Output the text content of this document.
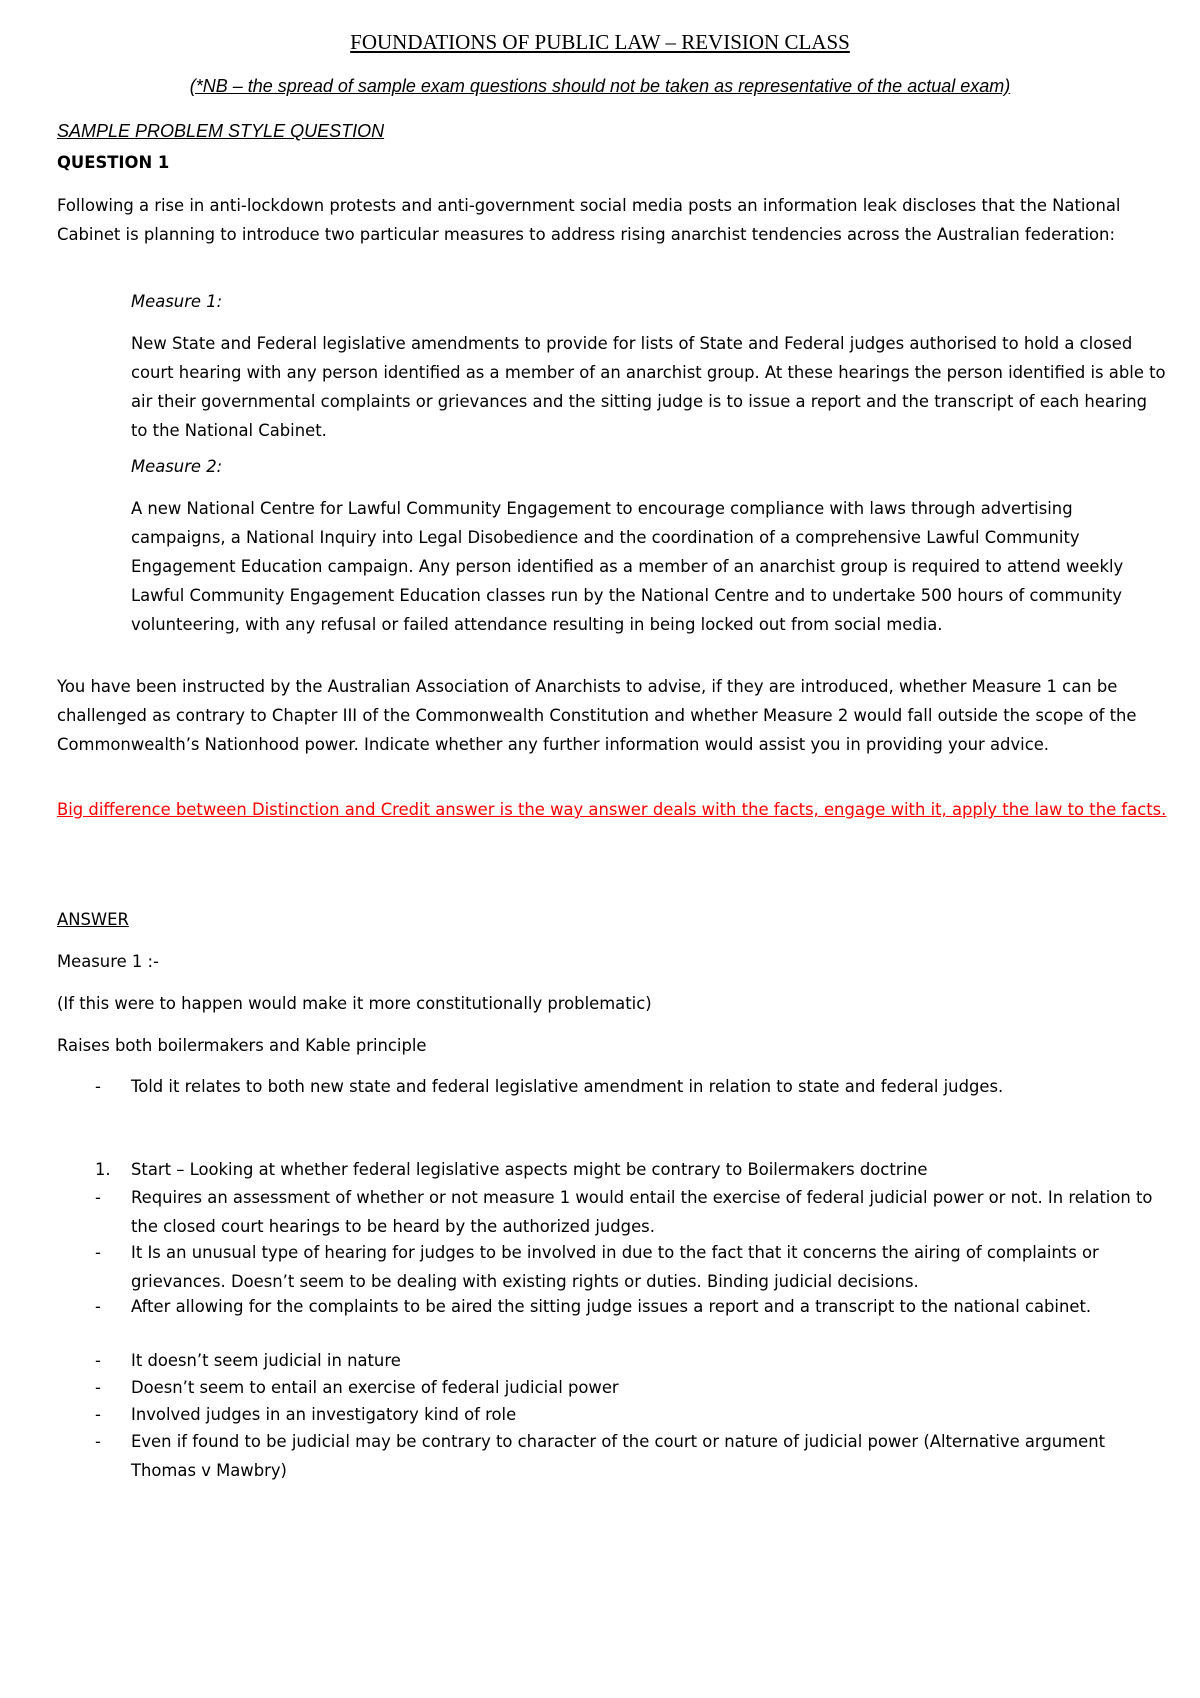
FOUNDATIONS OF PUBLIC LAW – REVISION CLASS
(*NB – the spread of sample exam questions should not be taken as representative of the actual exam)
SAMPLE PROBLEM STYLE QUESTION

QUESTION 1

Following a rise in anti-lockdown protests and anti-government social media posts an information leak discloses that the National Cabinet is planning to introduce two particular measures to address rising anarchist tendencies across the Australian federation:

Measure 1:

New State and Federal legislative amendments to provide for lists of State and Federal judges authorised to hold a closed court hearing with any person identified as a member of an anarchist group. At these hearings the person identified is able to air their governmental complaints or grievances and the sitting judge is to issue a report and the transcript of each hearing to the National Cabinet.

Measure 2:

A new National Centre for Lawful Community Engagement to encourage compliance with laws through advertising campaigns, a National Inquiry into Legal Disobedience and the coordination of a comprehensive Lawful Community Engagement Education campaign. Any person identified as a member of an anarchist group is required to attend weekly Lawful Community Engagement Education classes run by the National Centre and to undertake 500 hours of community volunteering, with any refusal or failed attendance resulting in being locked out from social media.

You have been instructed by the Australian Association of Anarchists to advise, if they are introduced, whether Measure 1 can be challenged as contrary to Chapter III of the Commonwealth Constitution and whether Measure 2 would fall outside the scope of the Commonwealth’s Nationhood power. Indicate whether any further information would assist you in providing your advice.

Big difference between Distinction and Credit answer is the way answer deals with the facts, engage with it, apply the law to the facts.

ANSWER

Measure 1 :-

(If this were to happen would make it more constitutionally problematic)

Raises both boilermakers and Kable principle

-	Told it relates to both new state and federal legislative amendment in relation to state and federal judges.
1.	Start – Looking at whether federal legislative aspects might be contrary to Boilermakers doctrine
-	Requires an assessment of whether or not measure 1 would entail the exercise of federal judicial power or not. In relation to the closed court hearings to be heard by the authorized judges.
-	It Is an unusual type of hearing for judges to be involved in due to the fact that it concerns the airing of complaints or grievances. Doesn’t seem to be dealing with existing rights or duties. Binding judicial decisions.
-	After allowing for the complaints to be aired the sitting judge issues a report and a transcript to the national cabinet.
-	It doesn’t seem judicial in nature
-	Doesn’t seem to entail an exercise of federal judicial power
-	Involved judges in an investigatory kind of role
-	Even if found to be judicial may be contrary to character of the court or nature of judicial power (Alternative argument Thomas v Mawbry)
